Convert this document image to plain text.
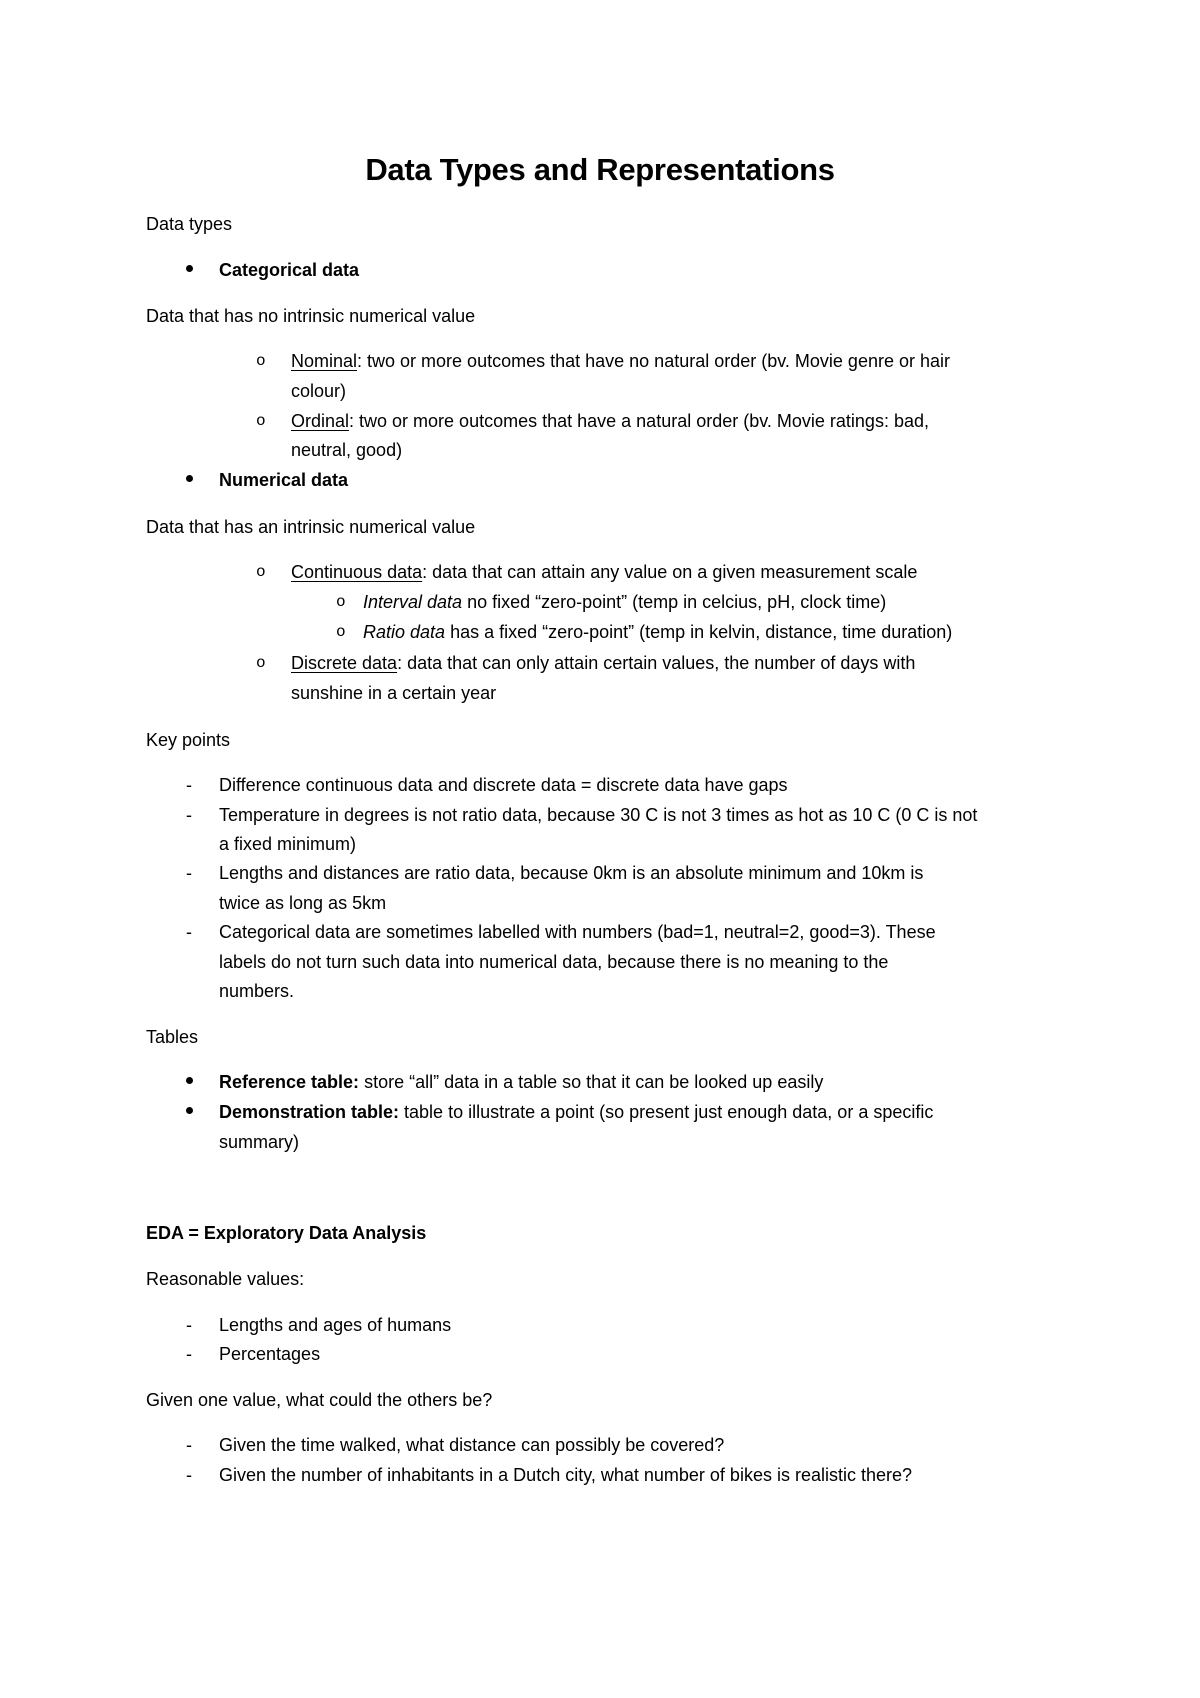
Data Types and Representations
Data types
Categorical data
Data that has no intrinsic numerical value
o Nominal: two or more outcomes that have no natural order (bv. Movie genre or hair
colour)
o Ordinal: two or more outcomes that have a natural order (bv. Movie ratings: bad,
neutral, good)
Numerical data
Data that has an intrinsic numerical value
o Continuous data: data that can attain any value on a given measurement scale
o Interval data no fixed “zero-point” (temp in celcius, pH, clock time)
o Ratio data has a fixed “zero-point” (temp in kelvin, distance, time duration)
o Discrete data: data that can only attain certain values, the number of days with
sunshine in a certain year
Key points
- Difference continuous data and discrete data = discrete data have gaps
- Temperature in degrees is not ratio data, because 30 C is not 3 times as hot as 10 C (0 C is not
a fixed minimum)
- Lengths and distances are ratio data, because 0km is an absolute minimum and 10km is
twice as long as 5km
- Categorical data are sometimes labelled with numbers (bad=1, neutral=2, good=3). These
labels do not turn such data into numerical data, because there is no meaning to the
numbers.
Tables
Reference table: store “all” data in a table so that it can be looked up easily
Demonstration table: table to illustrate a point (so present just enough data, or a specific
summary)
EDA = Exploratory Data Analysis
Reasonable values:
- Lengths and ages of humans
- Percentages
Given one value, what could the others be?
- Given the time walked, what distance can possibly be covered?
- Given the number of inhabitants in a Dutch city, what number of bikes is realistic there?
